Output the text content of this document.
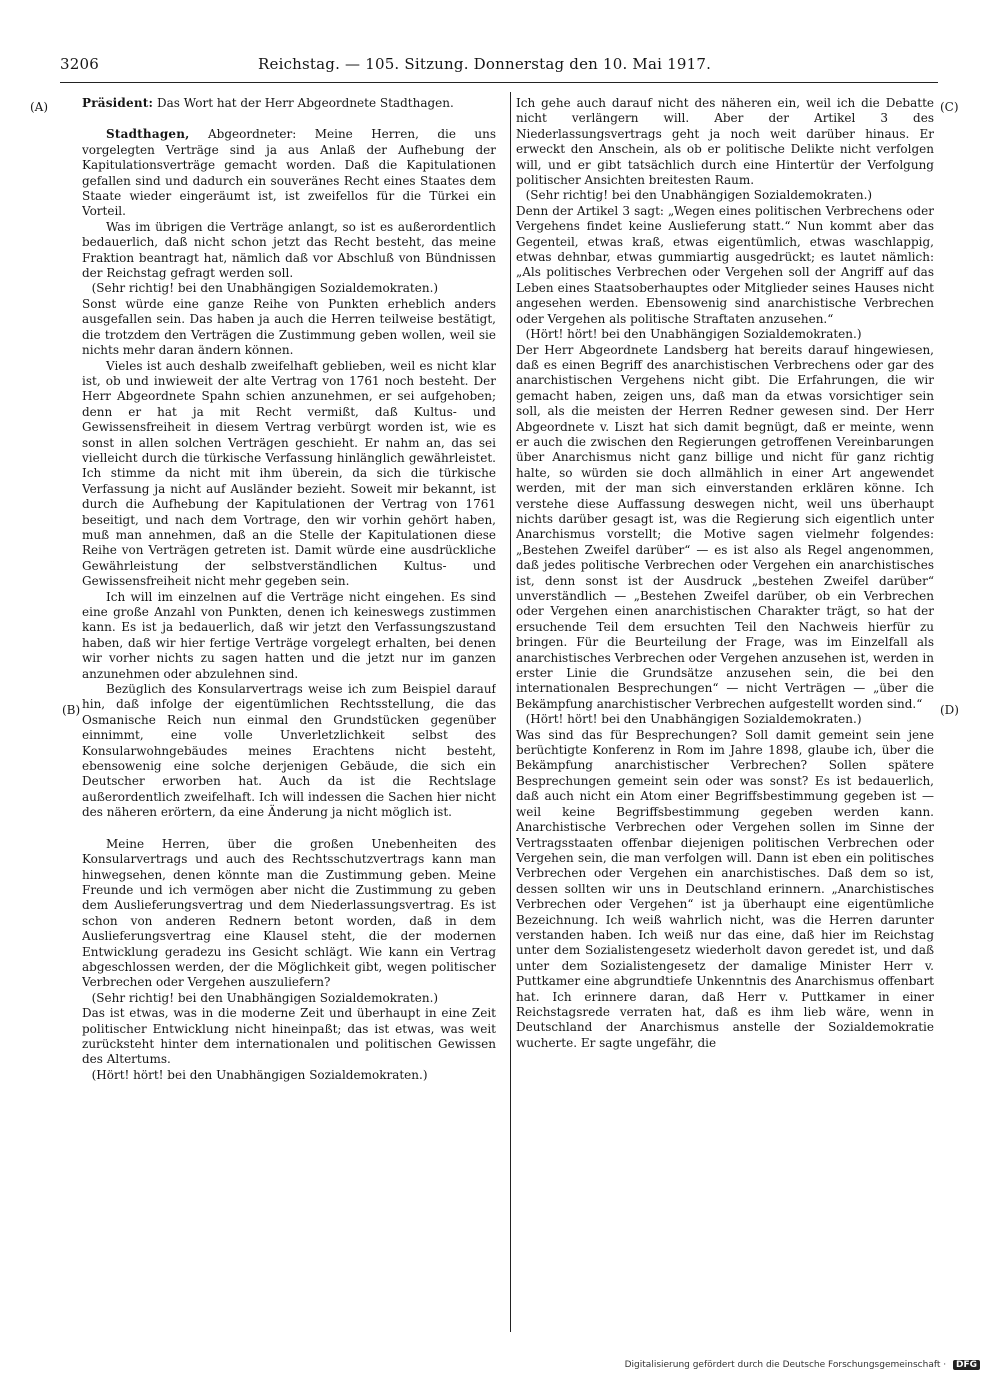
3206	Reichstag. — 105. Sitzung. Donnerstag den 10. Mai 1917.
(A)
(B)
(C)
(D)

Präsident: Das Wort hat der Herr Abgeordnete Stadthagen.

Stadthagen, Abgeordneter: Meine Herren, die uns vorgelegten Verträge sind ja aus Anlaß der Aufhebung der Kapitulationsverträge gemacht worden. Daß die Kapitulationen gefallen sind und dadurch ein souveränes Recht eines Staates dem Staate wieder eingeräumt ist, ist zweifellos für die Türkei ein Vorteil.

Was im übrigen die Verträge anlangt, so ist es außerordentlich bedauerlich, daß nicht schon jetzt das Recht besteht, das meine Fraktion beantragt hat, nämlich daß vor Abschluß von Bündnissen der Reichstag gefragt werden soll.

(Sehr richtig! bei den Unabhängigen Sozialdemokraten.)

Sonst würde eine ganze Reihe von Punkten erheblich anders ausgefallen sein. Das haben ja auch die Herren teilweise bestätigt, die trotzdem den Verträgen die Zustimmung geben wollen, weil sie nichts mehr daran ändern können.

Vieles ist auch deshalb zweifelhaft geblieben, weil es nicht klar ist, ob und inwieweit der alte Vertrag von 1761 noch besteht. Der Herr Abgeordnete Spahn schien anzunehmen, er sei aufgehoben; denn er hat ja mit Recht vermißt, daß Kultus- und Gewissensfreiheit in diesem Vertrag verbürgt worden ist, wie es sonst in allen solchen Verträgen geschieht. Er nahm an, das sei vielleicht durch die türkische Verfassung hinlänglich gewährleistet. Ich stimme da nicht mit ihm überein, da sich die türkische Verfassung ja nicht auf Ausländer bezieht. Soweit mir bekannt, ist durch die Aufhebung der Kapitulationen der Vertrag von 1761 beseitigt, und nach dem Vortrage, den wir vorhin gehört haben, muß man annehmen, daß an die Stelle der Kapitulationen diese Reihe von Verträgen getreten ist. Damit würde eine ausdrückliche Gewährleistung der selbstverständlichen Kultus- und Gewissensfreiheit nicht mehr gegeben sein.

Ich will im einzelnen auf die Verträge nicht eingehen. Es sind eine große Anzahl von Punkten, denen ich keineswegs zustimmen kann. Es ist ja bedauerlich, daß wir jetzt den Verfassungszustand haben, daß wir hier fertige Verträge vorgelegt erhalten, bei denen wir vorher nichts zu sagen hatten und die jetzt nur im ganzen anzunehmen oder abzulehnen sind.

Bezüglich des Konsularvertrags weise ich zum Beispiel darauf hin, daß infolge der eigentümlichen Rechtsstellung, die das Osmanische Reich nun einmal den Grundstücken gegenüber einnimmt, eine volle Unverletzlichkeit selbst des Konsularwohngebäudes meines Erachtens nicht besteht, ebensowenig eine solche derjenigen Gebäude, die sich ein Deutscher erworben hat. Auch da ist die Rechtslage außerordentlich zweifelhaft. Ich will indessen die Sachen hier nicht des näheren erörtern, da eine Änderung ja nicht möglich ist.

Meine Herren, über die großen Unebenheiten des Konsularvertrags und auch des Rechtsschutzvertrags kann man hinwegsehen, denen könnte man die Zustimmung geben. Meine Freunde und ich vermögen aber nicht die Zustimmung zu geben dem Auslieferungsvertrag und dem Niederlassungsvertrag. Es ist schon von anderen Rednern betont worden, daß in dem Auslieferungsvertrag eine Klausel steht, die der modernen Entwicklung geradezu ins Gesicht schlägt. Wie kann ein Vertrag abgeschlossen werden, der die Möglichkeit gibt, wegen politischer Verbrechen oder Vergehen auszuliefern?

(Sehr richtig! bei den Unabhängigen Sozialdemokraten.)

Das ist etwas, was in die moderne Zeit und überhaupt in eine Zeit politischer Entwicklung nicht hineinpaßt; das ist etwas, was weit zurücksteht hinter dem internationalen und politischen Gewissen des Altertums.

(Hört! hört! bei den Unabhängigen Sozialdemokraten.)

Ich gehe auch darauf nicht des näheren ein, weil ich die Debatte nicht verlängern will. Aber der Artikel 3 des Niederlassungsvertrags geht ja noch weit darüber hinaus. Er erweckt den Anschein, als ob er politische Delikte nicht verfolgen will, und er gibt tatsächlich durch eine Hintertür der Verfolgung politischer Ansichten breitesten Raum.

(Sehr richtig! bei den Unabhängigen Sozialdemokraten.)

Denn der Artikel 3 sagt: „Wegen eines politischen Verbrechens oder Vergehens findet keine Auslieferung statt.“ Nun kommt aber das Gegenteil, etwas kraß, etwas eigentümlich, etwas waschlappig, etwas dehnbar, etwas gummiartig ausgedrückt; es lautet nämlich: „Als politisches Verbrechen oder Vergehen soll der Angriff auf das Leben eines Staatsoberhauptes oder Mitglieder seines Hauses nicht angesehen werden. Ebensowenig sind anarchistische Verbrechen oder Vergehen als politische Straftaten anzusehen.“

(Hört! hört! bei den Unabhängigen Sozialdemokraten.)

Der Herr Abgeordnete Landsberg hat bereits darauf hingewiesen, daß es einen Begriff des anarchistischen Verbrechens oder gar des anarchistischen Vergehens nicht gibt. Die Erfahrungen, die wir gemacht haben, zeigen uns, daß man da etwas vorsichtiger sein soll, als die meisten der Herren Redner gewesen sind. Der Herr Abgeordnete v. Liszt hat sich damit begnügt, daß er meinte, wenn er auch die zwischen den Regierungen getroffenen Vereinbarungen über Anarchismus nicht ganz billige und nicht für ganz richtig halte, so würden sie doch allmählich in einer Art angewendet werden, mit der man sich einverstanden erklären könne. Ich verstehe diese Auffassung deswegen nicht, weil uns überhaupt nichts darüber gesagt ist, was die Regierung sich eigentlich unter Anarchismus vorstellt; die Motive sagen vielmehr folgendes: „Bestehen Zweifel darüber“ — es ist also als Regel angenommen, daß jedes politische Verbrechen oder Vergehen ein anarchistisches ist, denn sonst ist der Ausdruck „bestehen Zweifel darüber“ unverständlich — „Bestehen Zweifel darüber, ob ein Verbrechen oder Vergehen einen anarchistischen Charakter trägt, so hat der ersuchende Teil dem ersuchten Teil den Nachweis hierfür zu bringen. Für die Beurteilung der Frage, was im Einzelfall als anarchistisches Verbrechen oder Vergehen anzusehen ist, werden in erster Linie die Grundsätze anzusehen sein, die bei den internationalen Besprechungen“ — nicht Verträgen — „über die Bekämpfung anarchistischer Verbrechen aufgestellt worden sind.“

(Hört! hört! bei den Unabhängigen Sozialdemokraten.)

Was sind das für Besprechungen? Soll damit gemeint sein jene berüchtigte Konferenz in Rom im Jahre 1898, glaube ich, über die Bekämpfung anarchistischer Verbrechen? Sollen spätere Besprechungen gemeint sein oder was sonst? Es ist bedauerlich, daß auch nicht ein Atom einer Begriffsbestimmung gegeben ist — weil keine Begriffsbestimmung gegeben werden kann. Anarchistische Verbrechen oder Vergehen sollen im Sinne der Vertragsstaaten offenbar diejenigen politischen Verbrechen oder Vergehen sein, die man verfolgen will. Dann ist eben ein politisches Verbrechen oder Vergehen ein anarchistisches. Daß dem so ist, dessen sollten wir uns in Deutschland erinnern. „Anarchistisches Verbrechen oder Vergehen“ ist ja überhaupt eine eigentümliche Bezeichnung. Ich weiß wahrlich nicht, was die Herren darunter verstanden haben. Ich weiß nur das eine, daß hier im Reichstag unter dem Sozialistengesetz wiederholt davon geredet ist, und daß unter dem Sozialistengesetz der damalige Minister Herr v. Puttkamer eine abgrundtiefe Unkenntnis des Anarchismus offenbart hat. Ich erinnere daran, daß Herr v. Puttkamer in einer Reichstagsrede verraten hat, daß es ihm lieb wäre, wenn in Deutschland der Anarchismus anstelle der Sozialdemokratie wucherte. Er sagte ungefähr, die

Digitalisierung gefördert durch die Deutsche Forschungsgemeinschaft · DFG
